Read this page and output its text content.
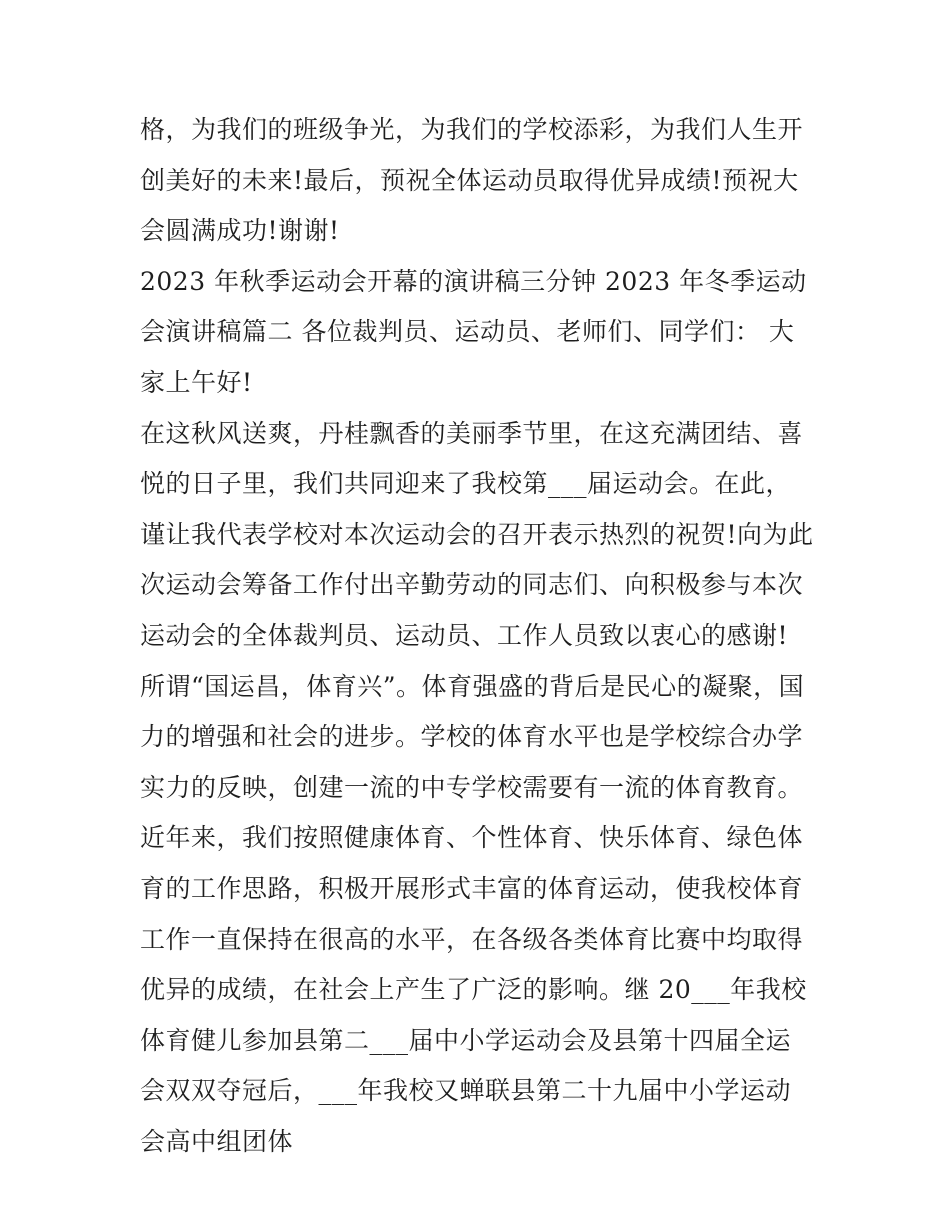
格，为我们的班级争光，为我们的学校添彩，为我们人生开创美好的未来!最后，预祝全体运动员取得优异成绩!预祝大会圆满成功!谢谢!

2023 年秋季运动会开幕的演讲稿三分钟 2023 年冬季运动会演讲稿篇二 各位裁判员、运动员、老师们、同学们： 大家上午好!

在这秋风送爽，丹桂飘香的美丽季节里，在这充满团结、喜悦的日子里，我们共同迎来了我校第___届运动会。在此，谨让我代表学校对本次运动会的召开表示热烈的祝贺!向为此次运动会筹备工作付出辛勤劳动的同志们、向积极参与本次运动会的全体裁判员、运动员、工作人员致以衷心的感谢!

所谓“国运昌，体育兴”。体育强盛的背后是民心的凝聚，国力的增强和社会的进步。学校的体育水平也是学校综合办学实力的反映，创建一流的中专学校需要有一流的体育教育。近年来，我们按照健康体育、个性体育、快乐体育、绿色体育的工作思路，积极开展形式丰富的体育运动，使我校体育工作一直保持在很高的水平，在各级各类体育比赛中均取得优异的成绩，在社会上产生了广泛的影响。继 20___年我校体育健儿参加县第二___届中小学运动会及县第十四届全运会双双夺冠后，___年我校又蝉联县第二十九届中小学运动会高中组团体
